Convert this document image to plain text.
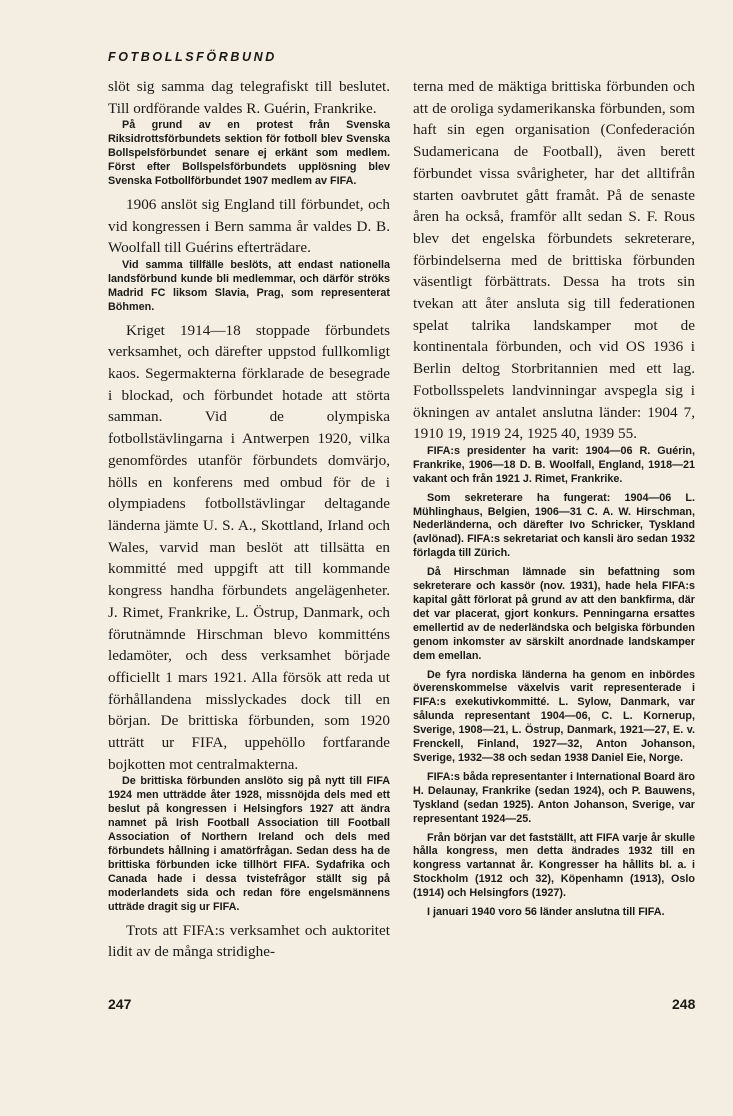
FOTBOLLSFÖRBUND

slöt sig samma dag telegrafiskt till beslutet. Till ordförande valdes R. Guérin, Frankrike.

På grund av en protest från Svenska Riksidrottsförbundets sektion för fotboll blev Svenska Bollspelsförbundet senare ej erkänt som medlem. Först efter Bollspelsförbundets upplösning blev Svenska Fotbollförbundet 1907 medlem av FIFA.

1906 anslöt sig England till förbundet, och vid kongressen i Bern samma år valdes D. B. Woolfall till Guérins efterträdare.

Vid samma tillfälle beslöts, att endast nationella landsförbund kunde bli medlemmar, och därför ströks Madrid FC liksom Slavia, Prag, som representerat Böhmen.

Kriget 1914—18 stoppade förbundets verksamhet, och därefter uppstod fullkomligt kaos. Segermakterna förklarade de besegrade i blockad, och förbundet hotade att störta samman. Vid de olympiska fotbollstävlingarna i Antwerpen 1920, vilka genomfördes utanför förbundets domvärjo, hölls en konferens med ombud för de i olympiadens fotbollstävlingar deltagande länderna jämte U. S. A., Skottland, Irland och Wales, varvid man beslöt att tillsätta en kommitté med uppgift att till kommande kongress handha förbundets angelägenheter. J. Rimet, Frankrike, L. Östrup, Danmark, och förutnämnde Hirschman blevo kommitténs ledamöter, och dess verksamhet började officiellt 1 mars 1921. Alla försök att reda ut förhållandena misslyckades dock till en början. De brittiska förbunden, som 1920 utträtt ur FIFA, uppehöllo fortfarande bojkotten mot centralmakterna.

De brittiska förbunden anslöto sig på nytt till FIFA 1924 men utträdde åter 1928, missnöjda dels med ett beslut på kongressen i Helsingfors 1927 att ändra namnet på Irish Football Association till Football Association of Northern Ireland och dels med förbundets hållning i amatörfrågan. Sedan dess ha de brittiska förbunden icke tillhört FIFA. Sydafrika och Canada hade i dessa tvistefrågor ställt sig på moderlandets sida och redan före engelsmännens utträde dragit sig ur FIFA.

Trots att FIFA:s verksamhet och auktoritet lidit av de många stridighe-

terna med de mäktiga brittiska förbunden och att de oroliga sydamerikanska förbunden, som haft sin egen organisation (Confederación Sudamericana de Football), även berett förbundet vissa svårigheter, har det alltifrån starten oavbrutet gått framåt. På de senaste åren ha också, framför allt sedan S. F. Rous blev det engelska förbundets sekreterare, förbindelserna med de brittiska förbunden väsentligt förbättrats. Dessa ha trots sin tvekan att åter ansluta sig till federationen spelat talrika landskamper mot de kontinentala förbunden, och vid OS 1936 i Berlin deltog Storbritannien med ett lag. Fotbollsspelets landvinningar avspegla sig i ökningen av antalet anslutna länder: 1904 7, 1910 19, 1919 24, 1925 40, 1939 55.

FIFA:s presidenter ha varit: 1904—06 R. Guérin, Frankrike, 1906—18 D. B. Woolfall, England, 1918—21 vakant och från 1921 J. Rimet, Frankrike.

Som sekreterare ha fungerat: 1904—06 L. Mühlinghaus, Belgien, 1906—31 C. A. W. Hirschman, Nederländerna, och därefter Ivo Schricker, Tyskland (avlönad). FIFA:s sekretariat och kansli äro sedan 1932 förlagda till Zürich.

Då Hirschman lämnade sin befattning som sekreterare och kassör (nov. 1931), hade hela FIFA:s kapital gått förlorat på grund av att den bankfirma, där det var placerat, gjort konkurs. Penningarna ersattes emellertid av de nederländska och belgiska förbunden genom inkomster av särskilt anordnade landskamper dem emellan.

De fyra nordiska länderna ha genom en inbördes överenskommelse växelvis varit representerade i FIFA:s exekutivkommitté. L. Sylow, Danmark, var sålunda representant 1904—06, C. L. Kornerup, Sverige, 1908—21, L. Östrup, Danmark, 1921—27, E. v. Frenckell, Finland, 1927—32, Anton Johanson, Sverige, 1932—38 och sedan 1938 Daniel Eie, Norge.

FIFA:s båda representanter i International Board äro H. Delaunay, Frankrike (sedan 1924), och P. Bauwens, Tyskland (sedan 1925). Anton Johanson, Sverige, var representant 1924—25.

Från början var det fastställt, att FIFA varje år skulle hålla kongress, men detta ändrades 1932 till en kongress vartannat år. Kongresser ha hållits bl. a. i Stockholm (1912 och 32), Köpenhamn (1913), Oslo (1914) och Helsingfors (1927).

I januari 1940 voro 56 länder anslutna till FIFA.

247	248
